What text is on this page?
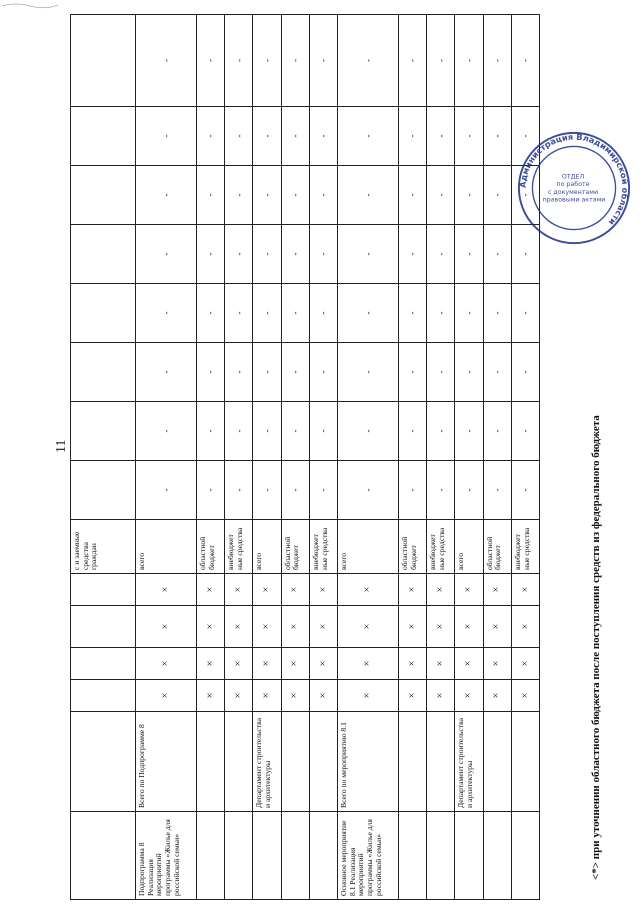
11
						с и заемные средства граждан								
Подпрограмма 8 Реализация мероприятий программы «Жилье для российской семьи»	Всего по Подпрограмме 8	×	×	×	×	всего	-	-	-	-	-	-	-	-
		×	×	×	×	областной бюджет	-	-	-	-	-	-	-	-
		×	×	×	×	внебюджет ные средства	-	-	-	-	-	-	-	-
	Департамент строительства и архитектуры	×	×	×	×	всего	-	-	-	-	-	-	-	-
		×	×	×	×	областной бюджет	-	-	-	-	-	-	-	-
		×	×	×	×	внебюджет ные средства	-	-	-	-	-	-	-	-
Основное мероприятие 8.1 Реализация мероприятий программы «Жилье для российской семьи»	Всего по мероприятию 8.1	×	×	×	×	всего	-	-	-	-	-	-	-	-
		×	×	×	×	областной бюджет	-	-	-	-	-	-	-	-
		×	×	×	×	внебюджет ные средства	-	-	-	-	-	-	-	-
	Департамент строительства и архитектуры	×	×	×	×	всего	-	-	-	-	-	-	-	-
		×	×	×	×	областной бюджет	-	-	-	-	-	-	-	-
		×	×	×	×	внебюджет ные средства	-	-	-	-	-	-	-	-
Администрация Владимирской области
ОТДЕЛ по работе с документами правовыми актами
<*> при уточнении областного бюджета после поступления средств из федерального бюджета
